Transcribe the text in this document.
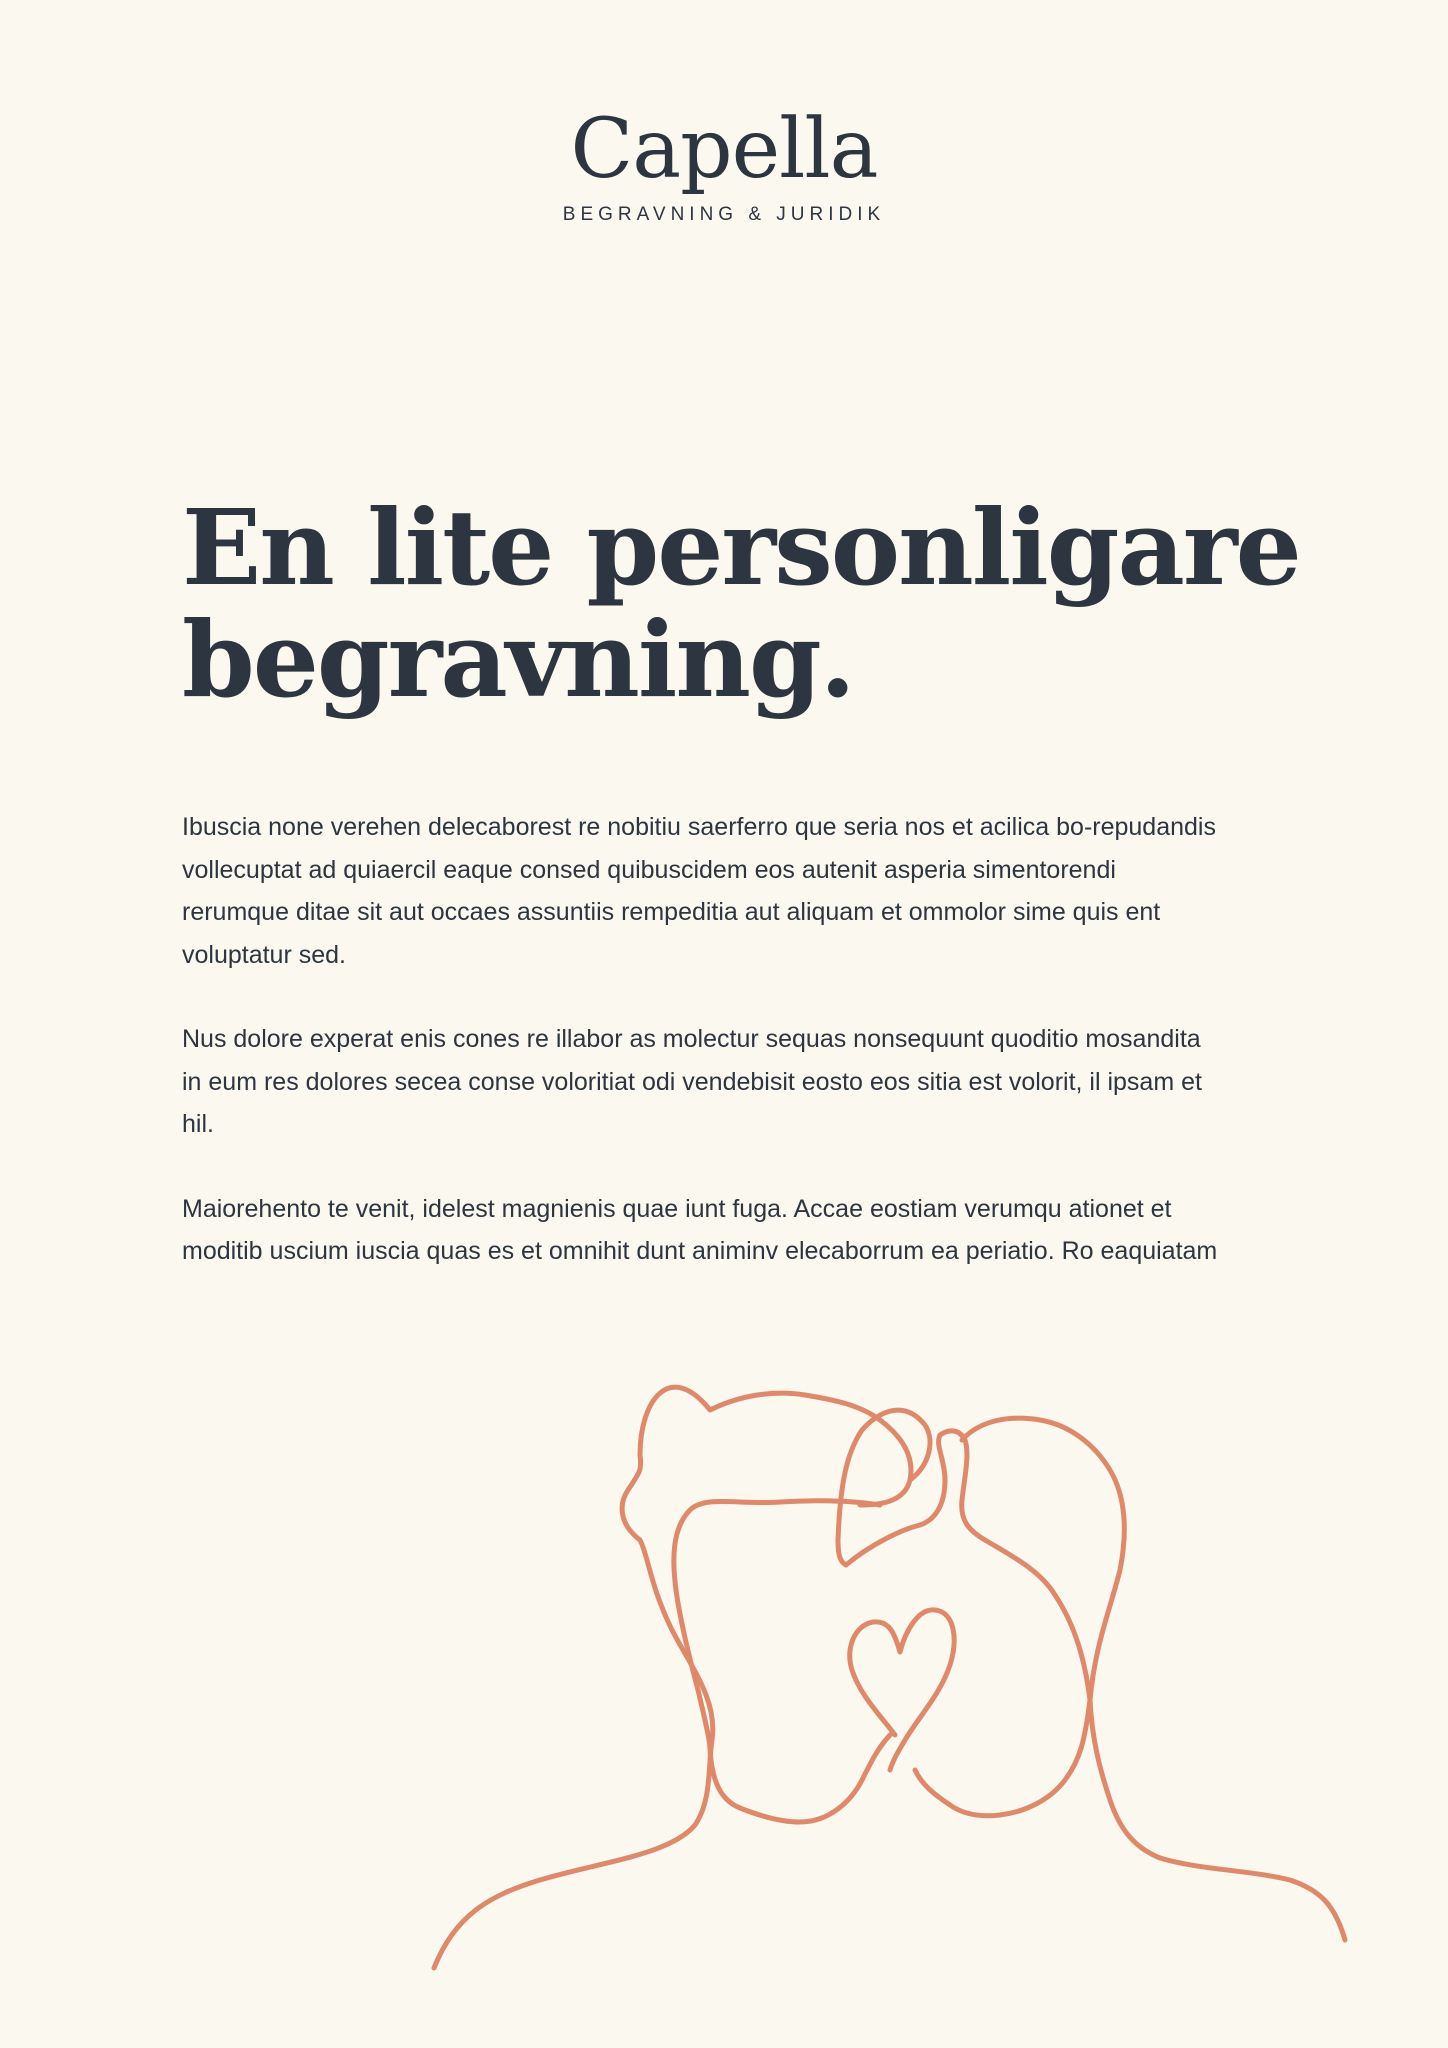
Capella
BEGRAVNING & JURIDIK
En lite personligare
begravning.

Ibuscia none verehen delecaborest re nobitiu saerferro que seria nos et acilica bo-repudandis vollecuptat ad quiaercil eaque consed quibuscidem eos autenit asperia simentorendi rerumque ditae sit aut occaes assuntiis rempeditia aut aliquam et ommolor sime quis ent voluptatur sed.

Nus dolore experat enis cones re illabor as molectur sequas nonsequunt quoditio mosandita in eum res dolores secea conse voloritiat odi vendebisit eosto eos sitia est volorit, il ipsam et hil.

Maiorehento te venit, idelest magnienis quae iunt fuga. Accae eostiam verumqu ationet et moditib uscium iuscia quas es et omnihit dunt animinv elecaborrum ea periatio. Ro eaquiatam
